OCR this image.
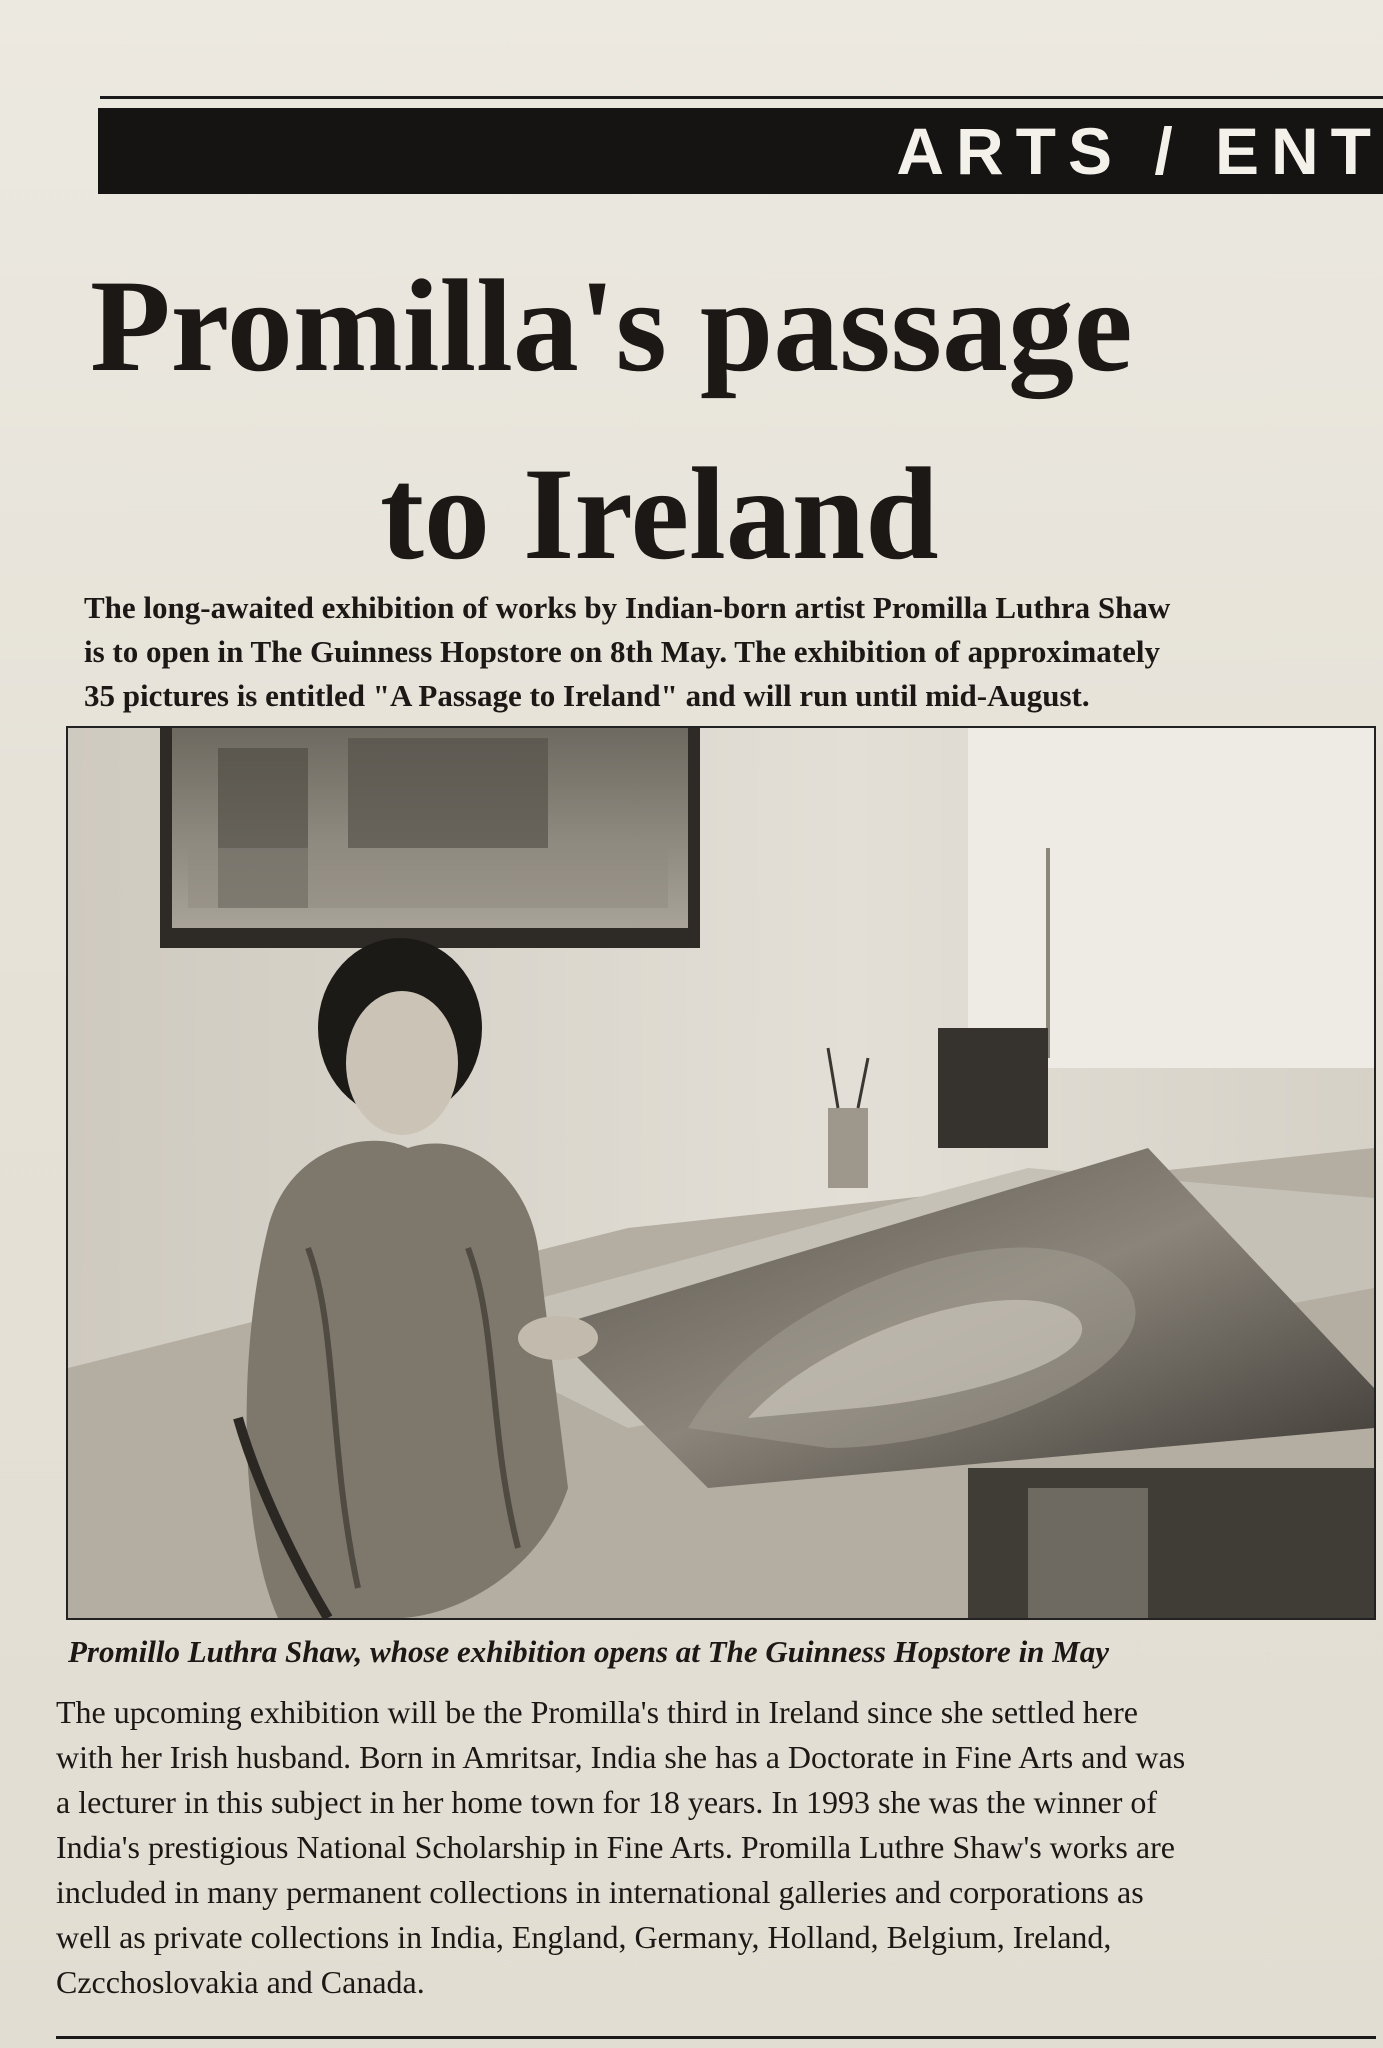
ARTS / ENT
Promilla's passage
to Ireland
The long-awaited exhibition of works by Indian-born artist Promilla Luthra Shaw
is to open in The Guinness Hopstore on 8th May. The exhibition of approximately
35 pictures is entitled "A Passage to Ireland" and will run until mid-August.
Promillo Luthra Shaw, whose exhibition opens at The Guinness Hopstore in May
The upcoming exhibition will be the Promilla's third in Ireland since she settled here
with her Irish husband. Born in Amritsar, India she has a Doctorate in Fine Arts and was
a lecturer in this subject in her home town for 18 years. In 1993 she was the winner of
India's prestigious National Scholarship in Fine Arts. Promilla Luthre Shaw's works are
included in many permanent collections in international galleries and corporations as
well as private collections in India, England, Germany, Holland, Belgium, Ireland,
Czcchoslovakia and Canada.
